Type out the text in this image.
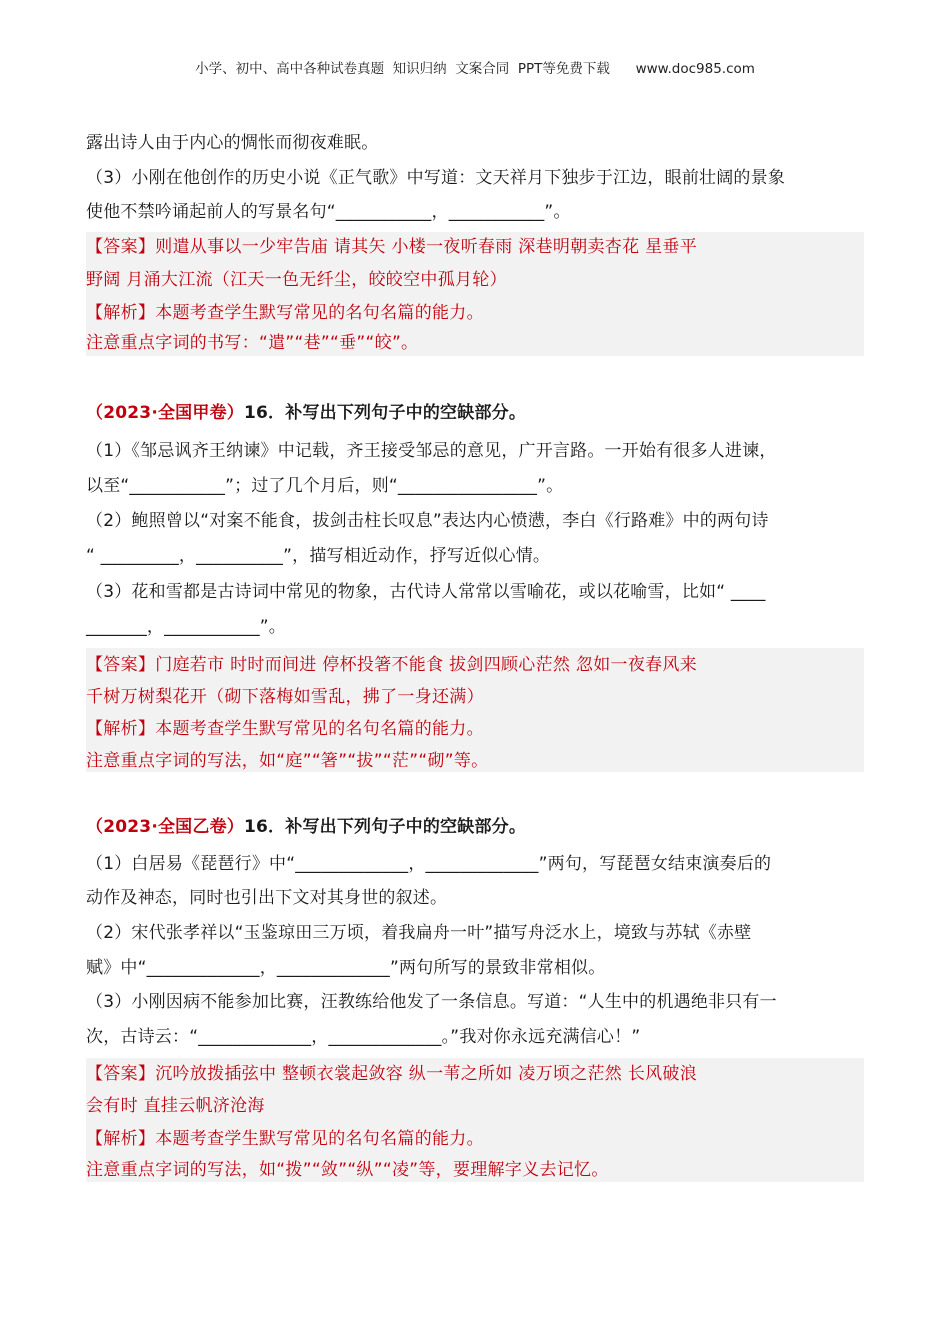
小学、初中、高中各种试卷真题  知识归纳  文案合同  PPT等免费下载      www.doc985.com
露出诗人由于内心的惆怅而彻夜难眠。
（3）小刚在他创作的历史小说《正气歌》中写道：文天祥月下独步于江边，眼前壮阔的景象
使他不禁吟诵起前人的写景名句“___________，___________”。
【答案】则遣从事以一少牢告庙 请其矢 小楼一夜听春雨 深巷明朝卖杏花 星垂平
野阔 月涌大江流（江天一色无纤尘，皎皎空中孤月轮）
【解析】本题考查学生默写常见的名句名篇的能力。
注意重点字词的书写：“遣”“巷”“垂”“皎”。
（2023·全国甲卷）16．补写出下列句子中的空缺部分。
（1）《邹忌讽齐王纳谏》中记载，齐王接受邹忌的意见，广开言路。一开始有很多人进谏，
以至“___________”；过了几个月后，则“________________”。
（2）鲍照曾以“对案不能食，拔剑击柱长叹息”表达内心愤懑，李白《行路难》中的两句诗
“ _________，__________”，描写相近动作，抒写近似心情。
（3）花和雪都是古诗词中常见的物象，古代诗人常常以雪喻花，或以花喻雪，比如“ ____
_______，___________”。
【答案】门庭若市 时时而间进 停杯投箸不能食 拔剑四顾心茫然 忽如一夜春风来
千树万树梨花开（砌下落梅如雪乱，拂了一身还满）
【解析】本题考查学生默写常见的名句名篇的能力。
注意重点字词的写法，如“庭”“箸”“拔”“茫”“砌”等。
（2023·全国乙卷）16．补写出下列句子中的空缺部分。
（1）白居易《琵琶行》中“_____________，_____________”两句，写琵琶女结束演奏后的
动作及神态，同时也引出下文对其身世的叙述。
（2）宋代张孝祥以“玉鉴琼田三万顷，着我扁舟一叶”描写舟泛水上，境致与苏轼《赤壁
赋》中“_____________，_____________”两句所写的景致非常相似。
（3）小刚因病不能参加比赛，汪教练给他发了一条信息。写道：“人生中的机遇绝非只有一
次，古诗云：“_____________，_____________。”我对你永远充满信心！”
【答案】沉吟放拨插弦中 整顿衣裳起敛容 纵一苇之所如 凌万顷之茫然 长风破浪
会有时 直挂云帆济沧海
【解析】本题考查学生默写常见的名句名篇的能力。
注意重点字词的写法，如“拨”“敛”“纵”“凌”等，要理解字义去记忆。
